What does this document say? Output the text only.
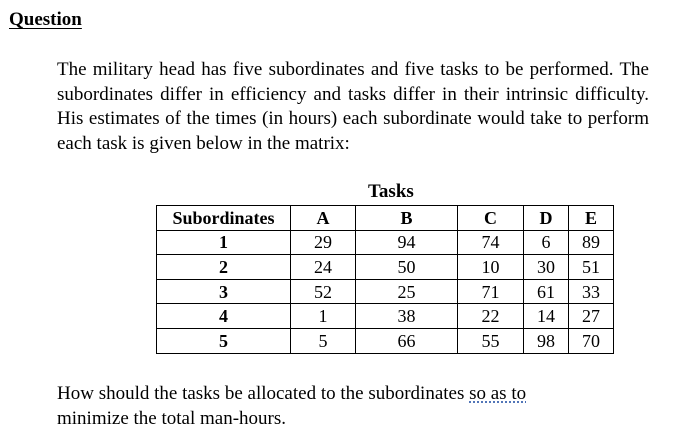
Question
The military head has five subordinates and five tasks to be performed. The subordinates differ in efficiency and tasks differ in their intrinsic difficulty. His estimates of the times (in hours) each subordinate would take to perform each task is given below in the matrix:
Tasks
Subordinates	A	B	C	D	E
1	29	94	74	6	89
2	24	50	10	30	51
3	52	25	71	61	33
4	1	38	22	14	27
5	5	66	55	98	70
How should the tasks be allocated to the subordinates so as to
minimize the total man-hours.
